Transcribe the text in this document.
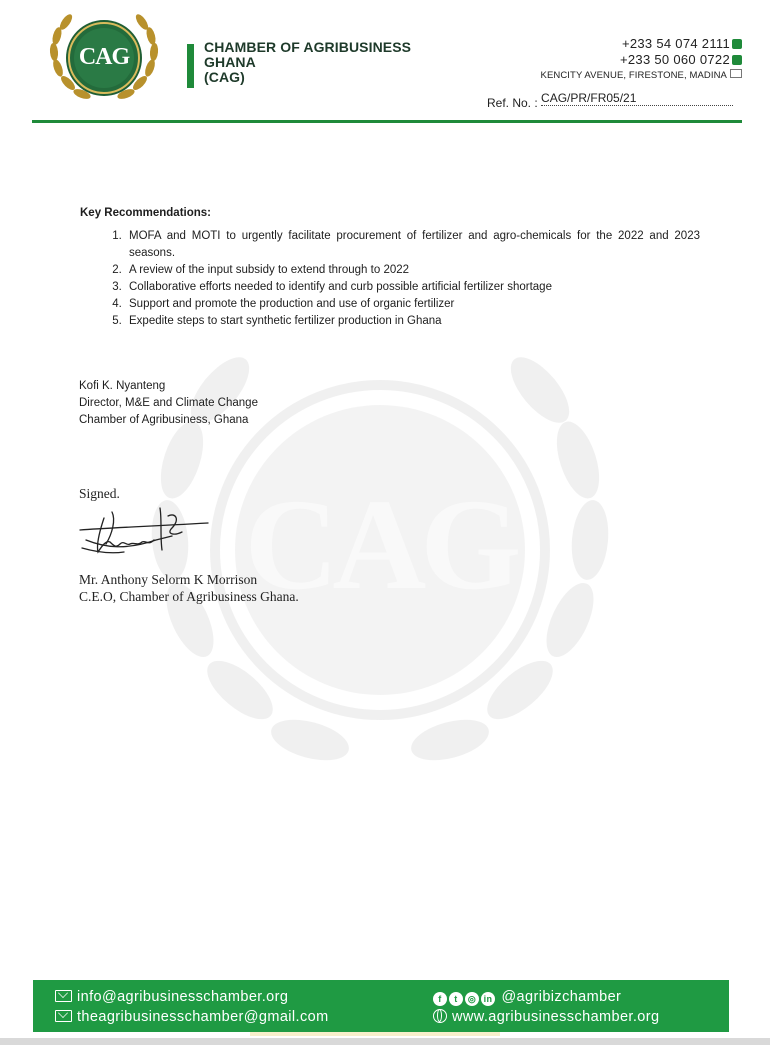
CAG	CHAMBER OF AGRIBUSINESS
GHANA
(CAG)
+233 54 074 2111
+233 50 060 0722
KENCITY AVENUE, FIRESTONE, MADINA
Ref. No. : CAG/PR/FR05/21
CAG
Key Recommendations:
1. MOFA and MOTI to urgently facilitate procurement of fertilizer and agro-chemicals for the 2022 and 2023 seasons.
2. A review of the input subsidy to extend through to 2022
3. Collaborative efforts needed to identify and curb possible artificial fertilizer shortage
4. Support and promote the production and use of organic fertilizer
5. Expedite steps to start synthetic fertilizer production in Ghana
Kofi K. Nyanteng
Director, M&E and Climate Change
Chamber of Agribusiness, Ghana
Signed.
Mr. Anthony Selorm K Morrison
C.E.O, Chamber of Agribusiness Ghana.
info@agribusinesschamber.org
theagribusinesschamber@gmail.com
f t ◎ in @agribizchamber
www.agribusinesschamber.org
